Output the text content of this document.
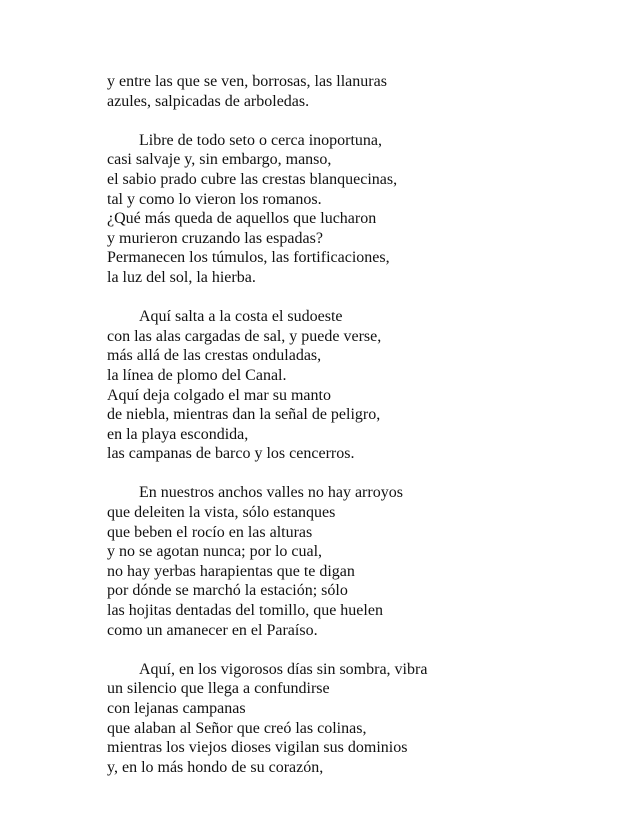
y entre las que se ven, borrosas, las llanuras
azules, salpicadas de arboledas.
Libre de todo seto o cerca inoportuna,
casi salvaje y, sin embargo, manso,
el sabio prado cubre las crestas blanquecinas,
tal y como lo vieron los romanos.
¿Qué más queda de aquellos que lucharon
y murieron cruzando las espadas?
Permanecen los túmulos, las fortificaciones,
la luz del sol, la hierba.
Aquí salta a la costa el sudoeste
con las alas cargadas de sal, y puede verse,
más allá de las crestas onduladas,
la línea de plomo del Canal.
Aquí deja colgado el mar su manto
de niebla, mientras dan la señal de peligro,
en la playa escondida,
las campanas de barco y los cencerros.
En nuestros anchos valles no hay arroyos
que deleiten la vista, sólo estanques
que beben el rocío en las alturas
y no se agotan nunca; por lo cual,
no hay yerbas harapientas que te digan
por dónde se marchó la estación; sólo
las hojitas dentadas del tomillo, que huelen
como un amanecer en el Paraíso.
Aquí, en los vigorosos días sin sombra, vibra
un silencio que llega a confundirse
con lejanas campanas
que alaban al Señor que creó las colinas,
mientras los viejos dioses vigilan sus dominios
y, en lo más hondo de su corazón,
